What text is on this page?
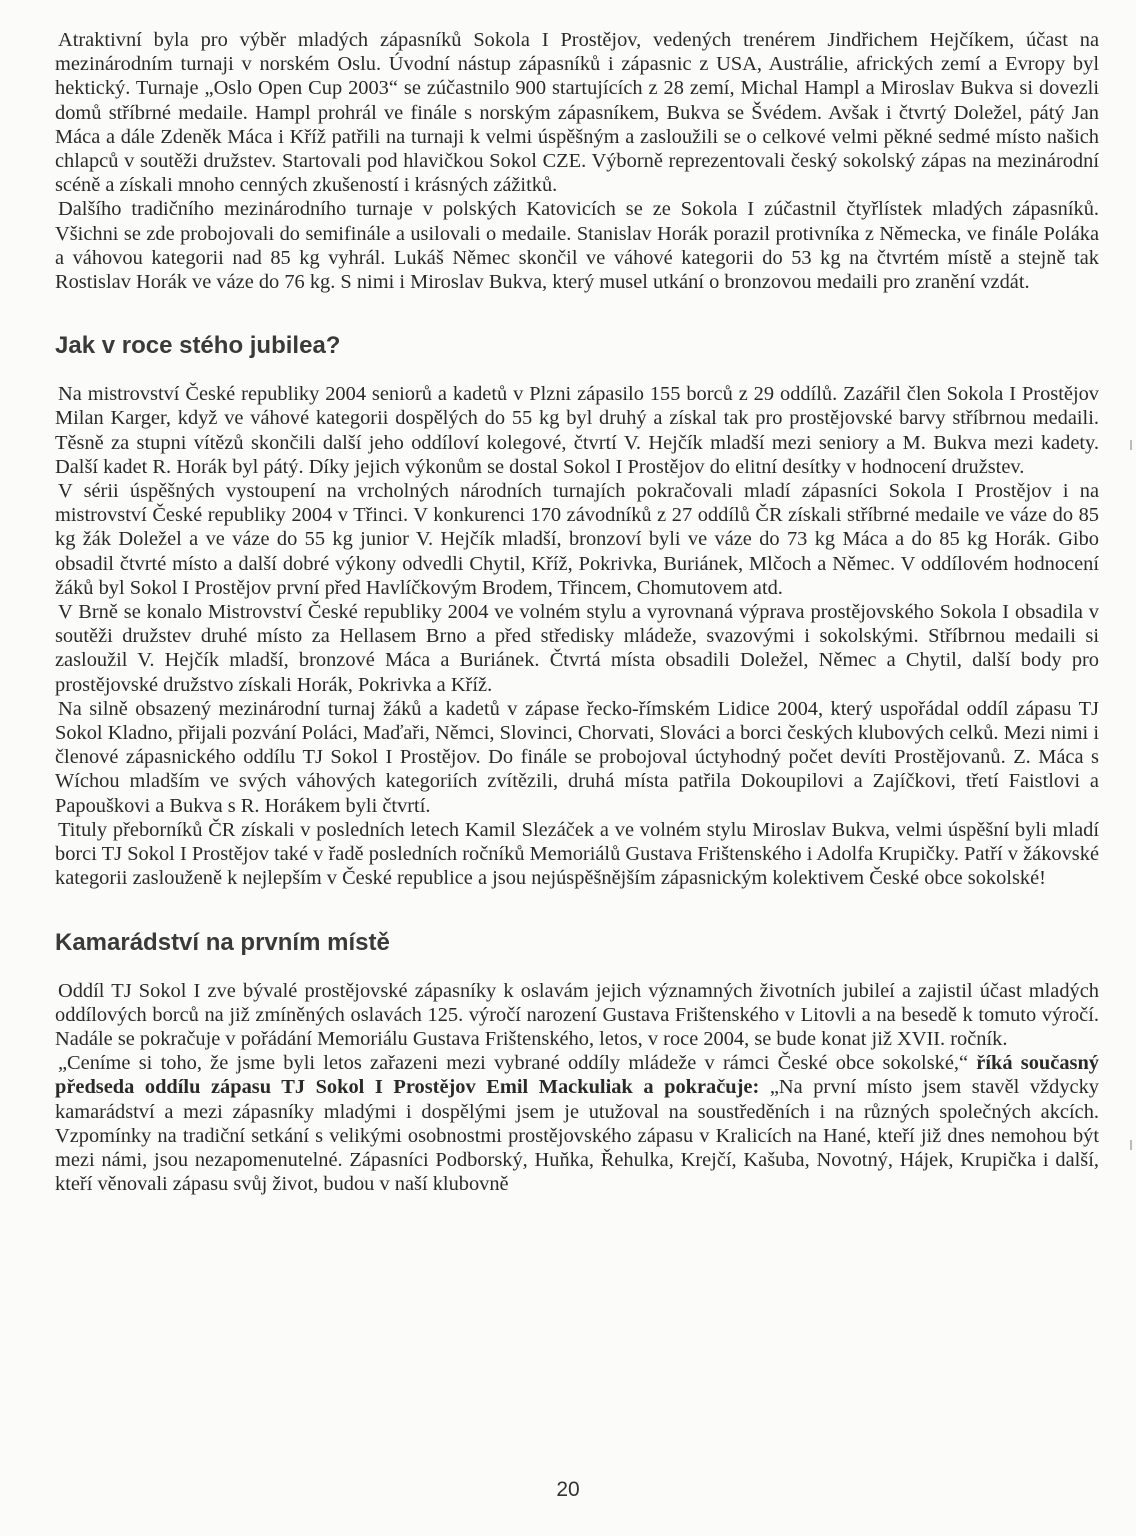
Atraktivní byla pro výběr mladých zápasníků Sokola I Prostějov, vedených trenérem Jindřichem Hejčíkem, účast na mezinárodním turnaji v norském Oslu. Úvodní nástup zápasníků i zápasnic z USA, Austrálie, afrických zemí a Evropy byl hektický. Turnaje „Oslo Open Cup 2003“ se zúčastnilo 900 startujících z 28 zemí, Michal Hampl a Miroslav Bukva si dovezli domů stříbrné medaile. Hampl prohrál ve finále s norským zápasníkem, Bukva se Švédem. Avšak i čtvrtý Doležel, pátý Jan Máca a dále Zdeněk Máca i Kříž patřili na turnaji k velmi úspěšným a zasloužili se o celkové velmi pěkné sedmé místo našich chlapců v soutěži družstev. Startovali pod hlavičkou Sokol CZE. Výborně reprezentovali český sokolský zápas na mezinárodní scéně a získali mnoho cenných zkušeností i krásných zážitků.

Dalšího tradičního mezinárodního turnaje v polských Katovicích se ze Sokola I zúčastnil čtyřlístek mladých zápasníků. Všichni se zde probojovali do semifinále a usilovali o medaile. Stanislav Horák porazil protivníka z Německa, ve finále Poláka a váhovou kategorii nad 85 kg vyhrál. Lukáš Němec skončil ve váhové kategorii do 53 kg na čtvrtém místě a stejně tak Rostislav Horák ve váze do 76 kg. S nimi i Miroslav Bukva, který musel utkání o bronzovou medaili pro zranění vzdát.

Jak v roce stého jubilea?

Na mistrovství České republiky 2004 seniorů a kadetů v Plzni zápasilo 155 borců z 29 oddílů. Zazářil člen Sokola I Prostějov Milan Karger, když ve váhové kategorii dospělých do 55 kg byl druhý a získal tak pro prostějovské barvy stříbrnou medaili. Těsně za stupni vítězů skončili další jeho oddíloví kolegové, čtvrtí V. Hejčík mladší mezi seniory a M. Bukva mezi kadety. Další kadet R. Horák byl pátý. Díky jejich výkonům se dostal Sokol I Prostějov do elitní desítky v hodnocení družstev.

V sérii úspěšných vystoupení na vrcholných národních turnajích pokračovali mladí zápasníci Sokola I Prostějov i na mistrovství České republiky 2004 v Třinci. V konkurenci 170 závodníků z 27 oddílů ČR získali stříbrné medaile ve váze do 85 kg žák Doležel a ve váze do 55 kg junior V. Hejčík mladší, bronzoví byli ve váze do 73 kg Máca a do 85 kg Horák. Gibo obsadil čtvrté místo a další dobré výkony odvedli Chytil, Kříž, Pokrivka, Buriánek, Mlčoch a Němec. V oddílovém hodnocení žáků byl Sokol I Prostějov první před Havlíčkovým Brodem, Třincem, Chomutovem atd.

V Brně se konalo Mistrovství České republiky 2004 ve volném stylu a vyrovnaná výprava prostějovského Sokola I obsadila v soutěži družstev druhé místo za Hellasem Brno a před středisky mládeže, svazovými i sokolskými. Stříbrnou medaili si zasloužil V. Hejčík mladší, bronzové Máca a Buriánek. Čtvrtá místa obsadili Doležel, Němec a Chytil, další body pro prostějovské družstvo získali Horák, Pokrivka a Kříž.

Na silně obsazený mezinárodní turnaj žáků a kadetů v zápase řecko-římském Lidice 2004, který uspořádal oddíl zápasu TJ Sokol Kladno, přijali pozvání Poláci, Maďaři, Němci, Slovinci, Chorvati, Slováci a borci českých klubových celků. Mezi nimi i členové zápasnického oddílu TJ Sokol I Prostějov. Do finále se probojoval úctyhodný počet devíti Prostějovanů. Z. Máca s Wíchou mladším ve svých váhových kategoriích zvítězili, druhá místa patřila Dokoupilovi a Zajíčkovi, třetí Faistlovi a Papouškovi a Bukva s R. Horákem byli čtvrtí.

Tituly přeborníků ČR získali v posledních letech Kamil Slezáček a ve volném stylu Miroslav Bukva, velmi úspěšní byli mladí borci TJ Sokol I Prostějov také v řadě posledních ročníků Memoriálů Gustava Frištenského i Adolfa Krupičky. Patří v žákovské kategorii zaslouženě k nejlepším v České republice a jsou nejúspěšnějším zápasnickým kolektivem České obce sokolské!

Kamarádství na prvním místě

Oddíl TJ Sokol I zve bývalé prostějovské zápasníky k oslavám jejich významných životních jubileí a zajistil účast mladých oddílových borců na již zmíněných oslavách 125. výročí narození Gustava Frištenského v Litovli a na besedě k tomuto výročí. Nadále se pokračuje v pořádání Memoriálu Gustava Frištenského, letos, v roce 2004, se bude konat již XVII. ročník.

„Ceníme si toho, že jsme byli letos zařazeni mezi vybrané oddíly mládeže v rámci České obce sokolské,“ říká současný předseda oddílu zápasu TJ Sokol I Prostějov Emil Mackuliak a pokračuje: „Na první místo jsem stavěl vždycky kamarádství a mezi zápasníky mladými i dospělými jsem je utužoval na soustředěních i na různých společných akcích. Vzpomínky na tradiční setkání s velikými osobnostmi prostějovského zápasu v Kralicích na Hané, kteří již dnes nemohou být mezi námi, jsou nezapomenutelné. Zápasníci Podborský, Huňka, Řehulka, Krejčí, Kašuba, Novotný, Hájek, Krupička i další, kteří věnovali zápasu svůj život, budou v naší klubovně

20
